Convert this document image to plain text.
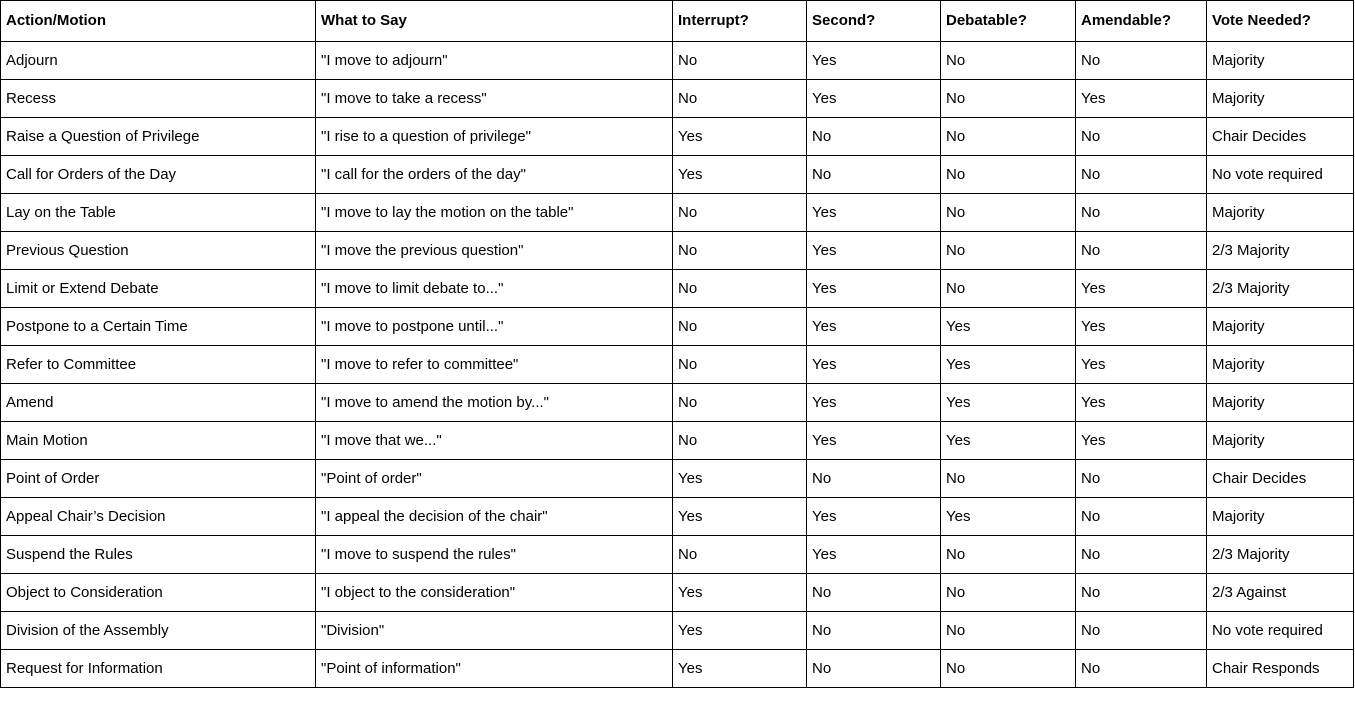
Action/Motion	What to Say	Interrupt?	Second?	Debatable?	Amendable?	Vote Needed?
Adjourn	"I move to adjourn"	No	Yes	No	No	Majority
Recess	"I move to take a recess"	No	Yes	No	Yes	Majority
Raise a Question of Privilege	"I rise to a question of privilege"	Yes	No	No	No	Chair Decides
Call for Orders of the Day	"I call for the orders of the day"	Yes	No	No	No	No vote required
Lay on the Table	"I move to lay the motion on the table"	No	Yes	No	No	Majority
Previous Question	"I move the previous question"	No	Yes	No	No	2/3 Majority
Limit or Extend Debate	"I move to limit debate to..."	No	Yes	No	Yes	2/3 Majority
Postpone to a Certain Time	"I move to postpone until..."	No	Yes	Yes	Yes	Majority
Refer to Committee	"I move to refer to committee"	No	Yes	Yes	Yes	Majority
Amend	"I move to amend the motion by..."	No	Yes	Yes	Yes	Majority
Main Motion	"I move that we..."	No	Yes	Yes	Yes	Majority
Point of Order	"Point of order"	Yes	No	No	No	Chair Decides
Appeal Chair’s Decision	"I appeal the decision of the chair"	Yes	Yes	Yes	No	Majority
Suspend the Rules	"I move to suspend the rules"	No	Yes	No	No	2/3 Majority
Object to Consideration	"I object to the consideration"	Yes	No	No	No	2/3 Against
Division of the Assembly	"Division"	Yes	No	No	No	No vote required
Request for Information	"Point of information"	Yes	No	No	No	Chair Responds
